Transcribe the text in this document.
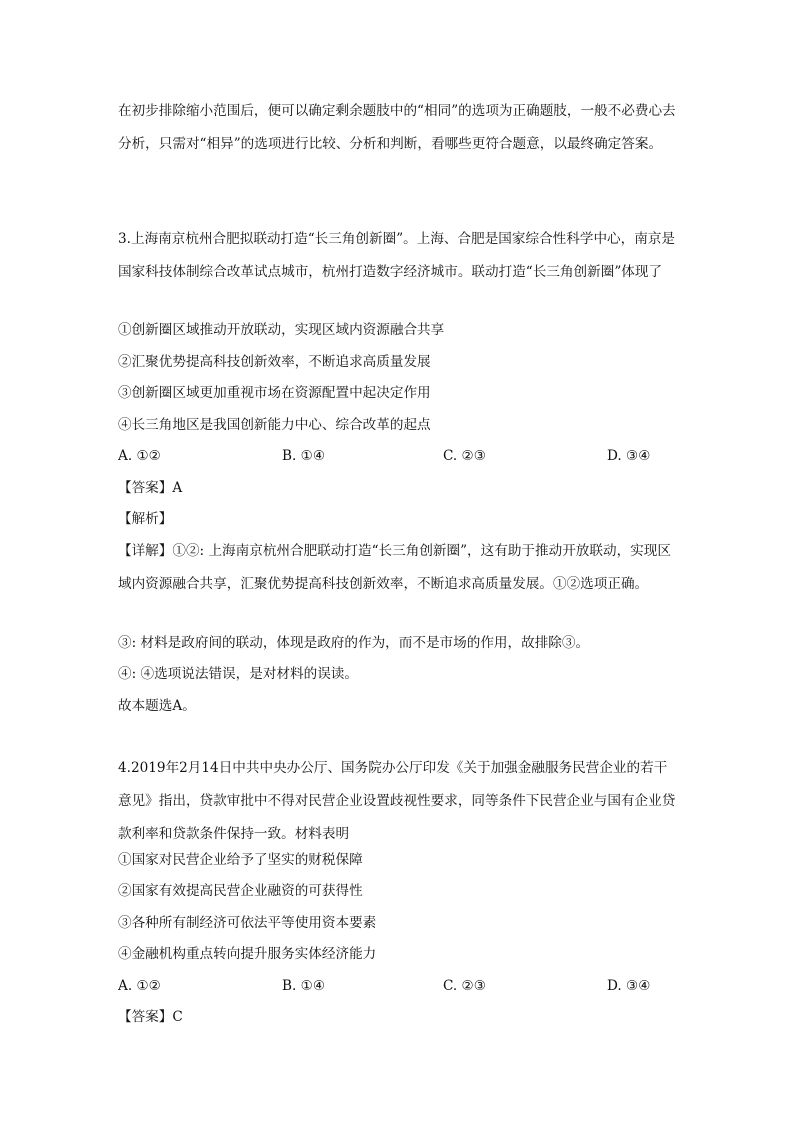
在初步排除缩小范围后，便可以确定剩余题肢中的“相同”的选项为正确题肢，一般不必费心去分析，只需对“相异”的选项进行比较、分析和判断，看哪些更符合题意，以最终确定答案。

3.上海南京杭州合肥拟联动打造“长三角创新圈”。上海、合肥是国家综合性科学中心，南京是国家科技体制综合改革试点城市，杭州打造数字经济城市。联动打造“长三角创新圈”体现了

①创新圈区域推动开放联动，实现区域内资源融合共享

②汇聚优势提高科技创新效率，不断追求高质量发展

③创新圈区域更加重视市场在资源配置中起决定作用

④长三角地区是我国创新能力中心、综合改革的起点

A. ①②	B. ①④	C. ②③	D. ③④

【答案】A

【解析】

【详解】①②: 上海南京杭州合肥联动打造“长三角创新圈”，这有助于推动开放联动，实现区域内资源融合共享，汇聚优势提高科技创新效率，不断追求高质量发展。①②选项正确。

③: 材料是政府间的联动，体现是政府的作为，而不是市场的作用，故排除③。

④: ④选项说法错误，是对材料的误读。

故本题选A。

4.2019年2月14日中共中央办公厅、国务院办公厅印发《关于加强金融服务民营企业的若干意见》指出，贷款审批中不得对民营企业设置歧视性要求，同等条件下民营企业与国有企业贷款利率和贷款条件保持一致。材料表明

①国家对民营企业给予了坚实的财税保障

②国家有效提高民营企业融资的可获得性

③各种所有制经济可依法平等使用资本要素

④金融机构重点转向提升服务实体经济能力

A. ①②	B. ①④	C. ②③	D. ③④

【答案】C
